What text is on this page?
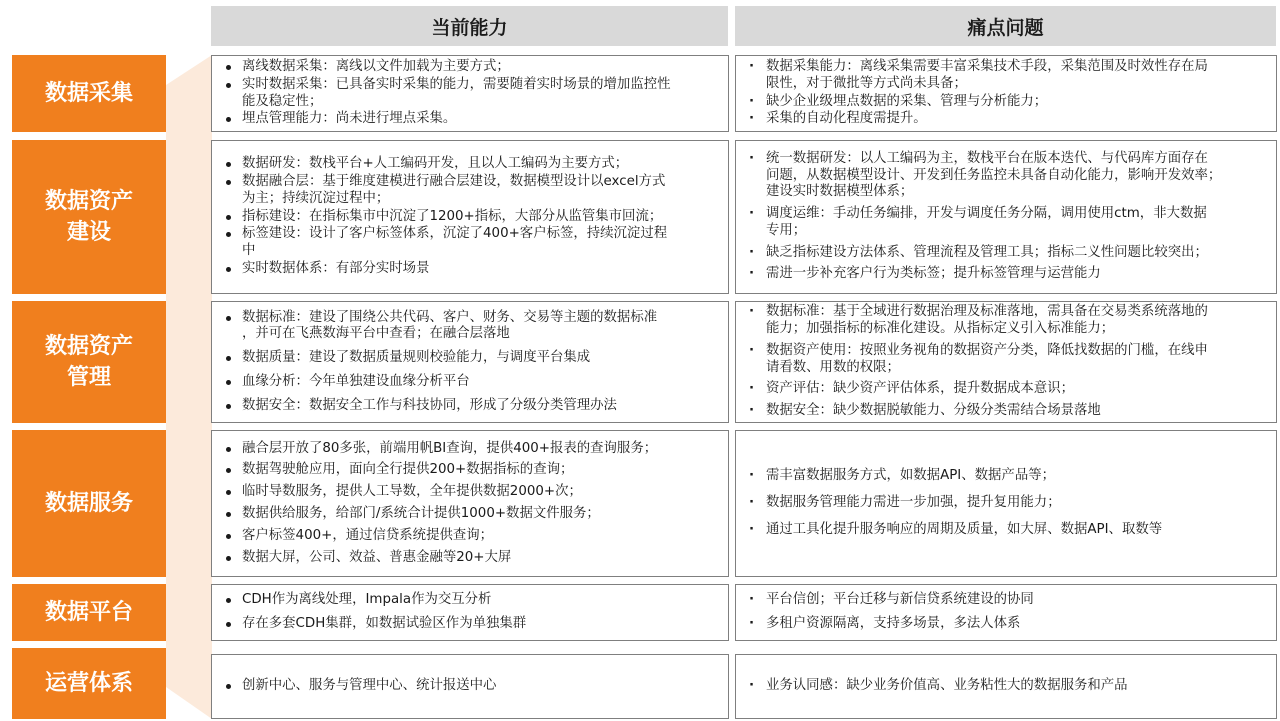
当前能力	痛点问题
数据采集
离线数据采集：离线以文件加载为主要方式；
实时数据采集：已具备实时采集的能力，需要随着实时场景的增加监控性
能及稳定性；
埋点管理能力：尚未进行埋点采集。
· 数据采集能力：离线采集需要丰富采集技术手段，采集范围及时效性存在局
限性，对于微批等方式尚未具备；
· 缺少企业级埋点数据的采集、管理与分析能力；
· 采集的自动化程度需提升。
数据资产
建设
数据研发：数栈平台+人工编码开发，且以人工编码为主要方式；
数据融合层：基于维度建模进行融合层建设，数据模型设计以excel方式
为主；持续沉淀过程中；
指标建设：在指标集市中沉淀了1200+指标，大部分从监管集市回流；
标签建设：设计了客户标签体系，沉淀了400+客户标签，持续沉淀过程
中
实时数据体系：有部分实时场景
· 统一数据研发：以人工编码为主，数栈平台在版本迭代、与代码库方面存在
问题，从数据模型设计、开发到任务监控未具备自动化能力，影响开发效率；
建设实时数据模型体系；
· 调度运维：手动任务编排，开发与调度任务分隔，调用使用ctm，非大数据
专用；
· 缺乏指标建设方法体系、管理流程及管理工具；指标二义性问题比较突出；
· 需进一步补充客户行为类标签；提升标签管理与运营能力
数据资产
管理
数据标准：建设了围绕公共代码、客户、财务、交易等主题的数据标准
，并可在飞燕数海平台中查看；在融合层落地
数据质量：建设了数据质量规则校验能力，与调度平台集成
血缘分析：今年单独建设血缘分析平台
数据安全：数据安全工作与科技协同，形成了分级分类管理办法
· 数据标准：基于全域进行数据治理及标准落地，需具备在交易类系统落地的
能力；加强指标的标准化建设。从指标定义引入标准能力；
· 数据资产使用：按照业务视角的数据资产分类，降低找数据的门槛，在线申
请看数、用数的权限；
· 资产评估：缺少资产评估体系，提升数据成本意识；
· 数据安全：缺少数据脱敏能力、分级分类需结合场景落地
数据服务
融合层开放了80多张，前端用帆BI查询，提供400+报表的查询服务；
数据驾驶舱应用，面向全行提供200+数据指标的查询；
临时导数服务，提供人工导数，全年提供数据2000+次；
数据供给服务，给部门/系统合计提供1000+数据文件服务；
客户标签400+，通过信贷系统提供查询；
数据大屏，公司、效益、普惠金融等20+大屏
· 需丰富数据服务方式，如数据API、数据产品等；
· 数据服务管理能力需进一步加强，提升复用能力；
· 通过工具化提升服务响应的周期及质量，如大屏、数据API、取数等
数据平台
CDH作为离线处理，Impala作为交互分析
存在多套CDH集群，如数据试验区作为单独集群
· 平台信创；平台迁移与新信贷系统建设的协同
· 多租户资源隔离，支持多场景，多法人体系
运营体系	创新中心、服务与管理中心、统计报送中心
·	业务认同感：缺少业务价值高、业务粘性大的数据服务和产品
